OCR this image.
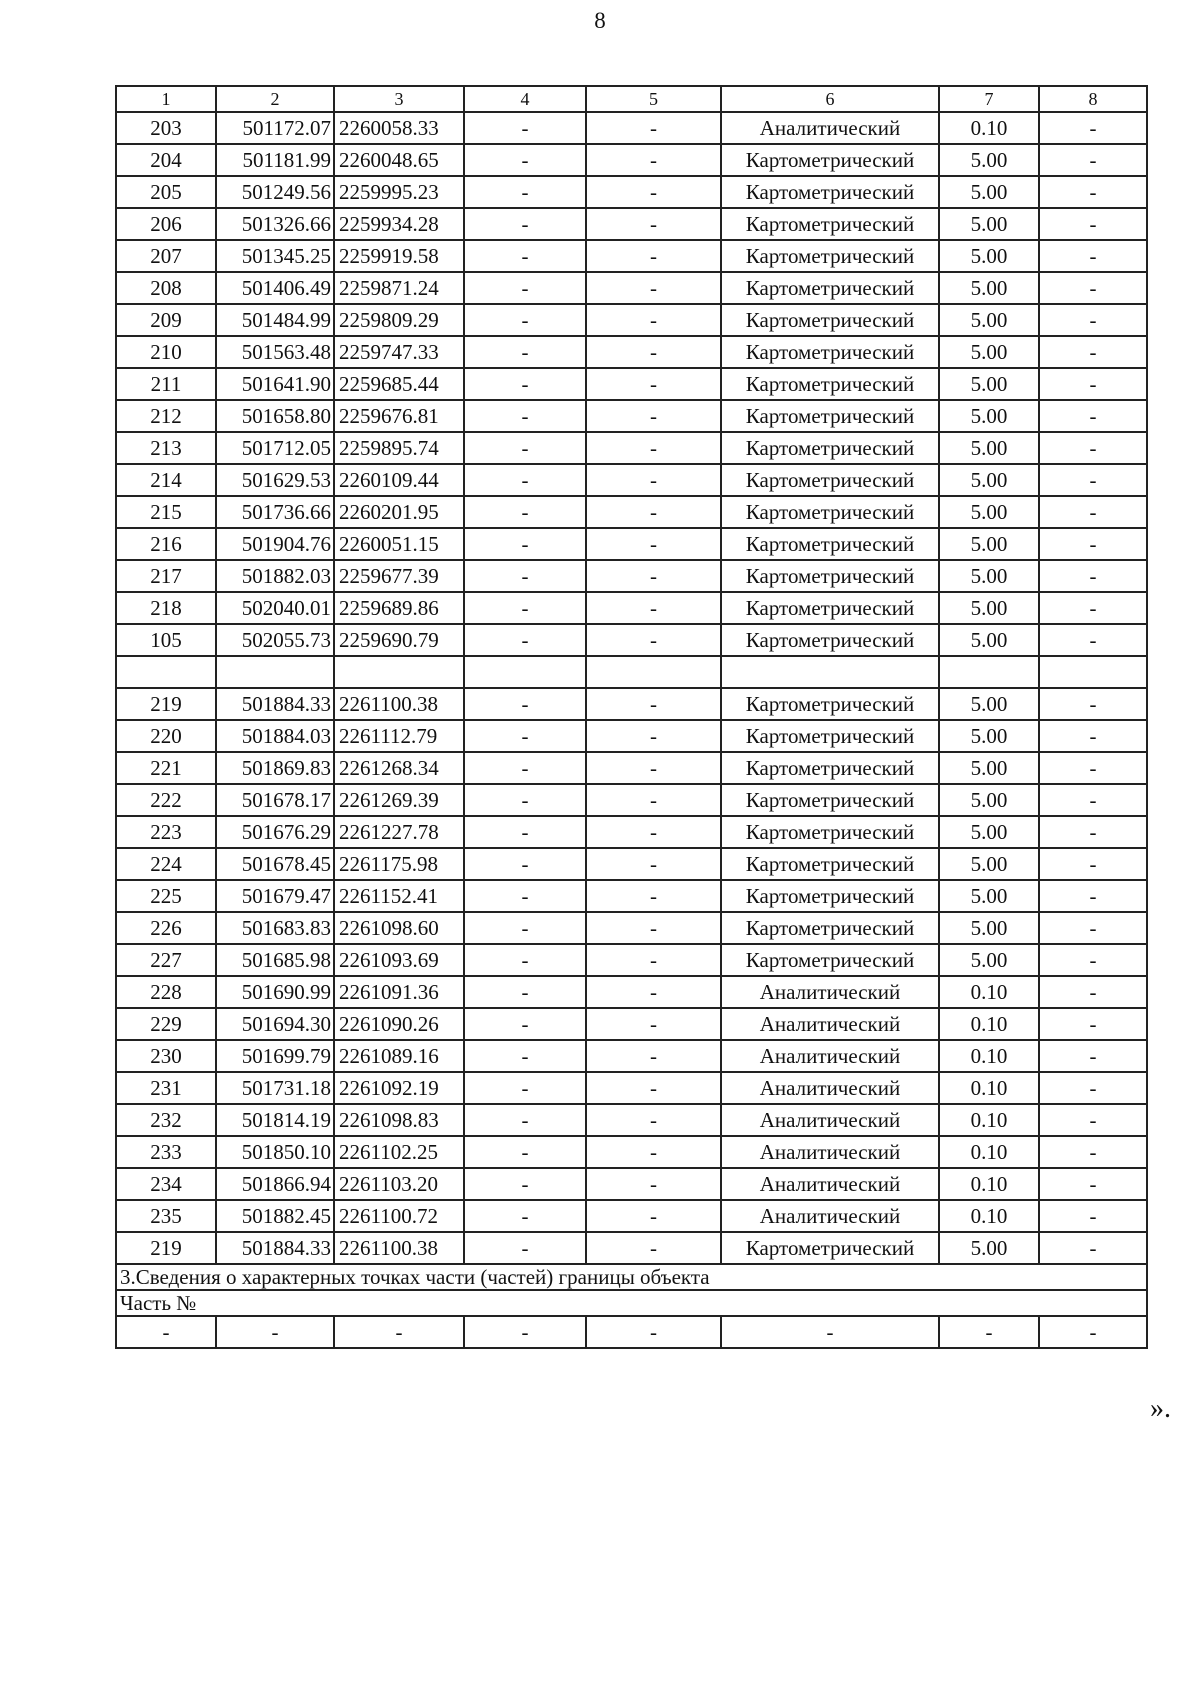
8
1	2	3	4	5	6	7	8
203	501172.07	2260058.33	-	-	Аналитический	0.10	-
204	501181.99	2260048.65	-	-	Картометрический	5.00	-
205	501249.56	2259995.23	-	-	Картометрический	5.00	-
206	501326.66	2259934.28	-	-	Картометрический	5.00	-
207	501345.25	2259919.58	-	-	Картометрический	5.00	-
208	501406.49	2259871.24	-	-	Картометрический	5.00	-
209	501484.99	2259809.29	-	-	Картометрический	5.00	-
210	501563.48	2259747.33	-	-	Картометрический	5.00	-
211	501641.90	2259685.44	-	-	Картометрический	5.00	-
212	501658.80	2259676.81	-	-	Картометрический	5.00	-
213	501712.05	2259895.74	-	-	Картометрический	5.00	-
214	501629.53	2260109.44	-	-	Картометрический	5.00	-
215	501736.66	2260201.95	-	-	Картометрический	5.00	-
216	501904.76	2260051.15	-	-	Картометрический	5.00	-
217	501882.03	2259677.39	-	-	Картометрический	5.00	-
218	502040.01	2259689.86	-	-	Картометрический	5.00	-
105	502055.73	2259690.79	-	-	Картометрический	5.00	-

219	501884.33	2261100.38	-	-	Картометрический	5.00	-
220	501884.03	2261112.79	-	-	Картометрический	5.00	-
221	501869.83	2261268.34	-	-	Картометрический	5.00	-
222	501678.17	2261269.39	-	-	Картометрический	5.00	-
223	501676.29	2261227.78	-	-	Картометрический	5.00	-
224	501678.45	2261175.98	-	-	Картометрический	5.00	-
225	501679.47	2261152.41	-	-	Картометрический	5.00	-
226	501683.83	2261098.60	-	-	Картометрический	5.00	-
227	501685.98	2261093.69	-	-	Картометрический	5.00	-
228	501690.99	2261091.36	-	-	Аналитический	0.10	-
229	501694.30	2261090.26	-	-	Аналитический	0.10	-
230	501699.79	2261089.16	-	-	Аналитический	0.10	-
231	501731.18	2261092.19	-	-	Аналитический	0.10	-
232	501814.19	2261098.83	-	-	Аналитический	0.10	-
233	501850.10	2261102.25	-	-	Аналитический	0.10	-
234	501866.94	2261103.20	-	-	Аналитический	0.10	-
235	501882.45	2261100.72	-	-	Аналитический	0.10	-
219	501884.33	2261100.38	-	-	Картометрический	5.00	-
3.Сведения о характерных точках части (частей) границы объекта							
Часть №							
-	-	-	-	-	-	-	-
».
